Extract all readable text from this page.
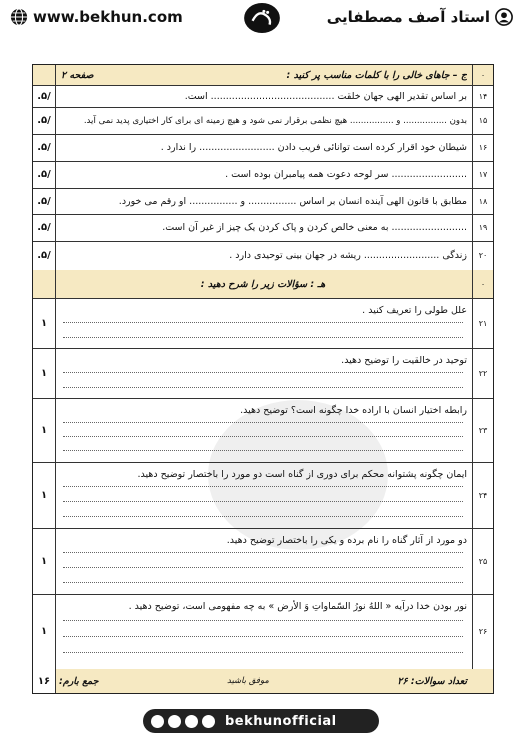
www.bekhun.com	استاد آصف مصطفایی
۰
ج – جاهای خالی را با کلمات مناسب پر کنید :
صفحه ۲
۱۴
بر اساس تقدیر الهی جهان خلقت ......................................... است.
.۵/
۱۵
بدون ................ و ................ هیچ نظمی برقرار نمی شود و هیچ زمینه ای برای کار اختیاری پدید نمی آید.
.۵/
۱۶
شیطان خود اقرار کرده است توانائی فریب دادن ......................... را ندارد .
.۵/
۱۷
......................... سر لوحه دعوت همه پیامبران بوده است .
.۵/
۱۸
مطابق با قانون الهی آینده انسان بر اساس ................ و ................ او رقم می خورد.
.۵/
۱۹
......................... به معنی خالص کردن و پاک کردن یک چیز از غیر آن است.
.۵/
۲۰
زندگی ......................... ریشه در جهان بینی توحیدی دارد .
.۵/
۰
هـ : سؤالات زیر را شرح دهید :
۲۱
علل طولی را تعریف کنید .
۱
۲۲
توحید در خالقیت را توضیح دهید.
۱
۲۳
رابطه اختیار انسان با اراده خدا چگونه است؟ توضیح دهید.
۱
۲۴
ایمان چگونه پشتوانه محکم برای دوری از گناه است دو مورد را باختصار توضیح دهید.
۱
۲۵
دو مورد از آثار گناه را نام برده و یکی را باختصار توضیح دهید.
۱
۲۶
نور بودن خدا درآیه « اللهُ نورُ السّماواتِ وَ الأرض » به چه مفهومی است، توضیح دهید .
۱
تعداد سوالات: ۲۶
موفق باشید
جمع بارم:
۱۶
bekhunofficial
